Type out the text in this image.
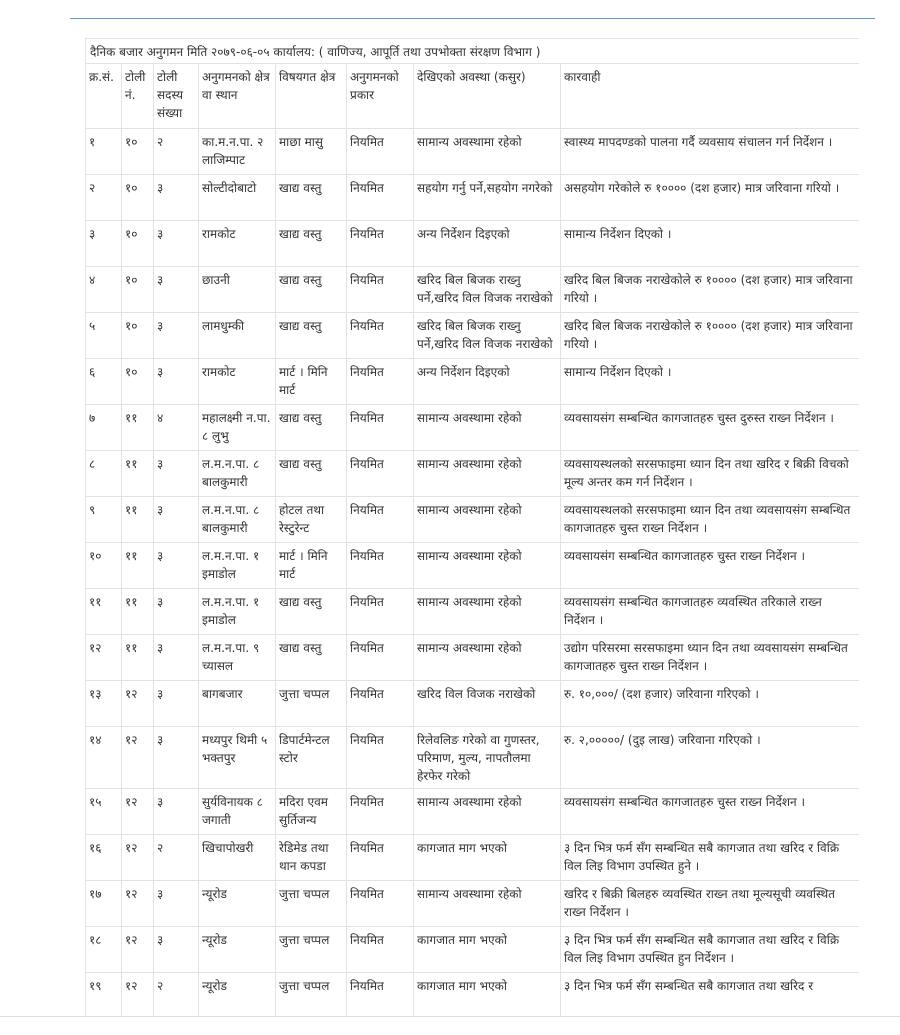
दैनिक बजार अनुगमन मिति २०७९-०६-०५ कार्यालय: ( वाणिज्य, आपूर्ति तथा उपभोक्ता संरक्षण विभाग )							
क्र.सं.	टोली नं.	टोली सदस्य संख्या	अनुगमनको क्षेत्र वा स्थान	विषयगत क्षेत्र	अनुगमनको प्रकार	देखिएको अवस्था (कसुर)	कारवाही
१	१०	२	का.म.न.पा. २ लाजिम्पाट	माछा मासु	नियमित	सामान्य अवस्थामा रहेको	स्वास्थ्य मापदण्डको पालना गर्दै व्यवसाय संचालन गर्न निर्देशन ।
२	१०	३	सोल्टीदोबाटो	खाद्य वस्तु	नियमित	सहयोग गर्नु पर्ने,सहयोग नगरेको	असहयोग गरेकोले रु १०००० (दश हजार) मात्र जरिवाना गरियो ।
३	१०	३	रामकोट	खाद्य वस्तु	नियमित	अन्य निर्देशन दिइएको	सामान्य निर्देशन दिएको ।
४	१०	३	छाउनी	खाद्य वस्तु	नियमित	खरिद बिल बिजक राख्नु पर्ने,खरिद विल विजक नराखेको	खरिद बिल बिजक नराखेकोले रु १०००० (दश हजार) मात्र जरिवाना गरियो ।
५	१०	३	लामधुम्की	खाद्य वस्तु	नियमित	खरिद बिल बिजक राख्नु पर्ने,खरिद विल विजक नराखेको	खरिद बिल बिजक नराखेकोले रु १०००० (दश हजार) मात्र जरिवाना गरियो ।
६	१०	३	रामकोट	मार्ट । मिनि मार्ट	नियमित	अन्य निर्देशन दिइएको	सामान्य निर्देशन दिएको ।
७	११	४	महालक्ष्मी न.पा. ८ लुभु	खाद्य वस्तु	नियमित	सामान्य अवस्थामा रहेको	व्यवसायसंग सम्बन्धित कागजातहरु चुस्त दुरुस्त राख्न निर्देशन ।
८	११	३	ल.म.न.पा. ८ बालकुमारी	खाद्य वस्तु	नियमित	सामान्य अवस्थामा रहेको	व्यवसायस्थलको सरसफाइमा ध्यान दिन तथा खरिद र बिक्री विचको मूल्य अन्तर कम गर्न निर्देशन ।
९	११	३	ल.म.न.पा. ८ बालकुमारी	होटल तथा रेस्टुरेन्ट	नियमित	सामान्य अवस्थामा रहेको	व्यवसायस्थलको सरसफाइमा ध्यान दिन तथा व्यवसायसंग सम्बन्धित कागजातहरु चुस्त राख्न निर्देशन ।
१०	११	३	ल.म.न.पा. १ इमाडोल	मार्ट । मिनि मार्ट	नियमित	सामान्य अवस्थामा रहेको	व्यवसायसंग सम्बन्धित कागजातहरु चुस्त राख्न निर्देशन ।
११	११	३	ल.म.न.पा. १ इमाडोल	खाद्य वस्तु	नियमित	सामान्य अवस्थामा रहेको	व्यवसायसंग सम्बन्धित कागजातहरु व्यवस्थित तरिकाले राख्न निर्देशन ।
१२	११	३	ल.म.न.पा. ९ च्यासल	खाद्य वस्तु	नियमित	सामान्य अवस्थामा रहेको	उद्योग परिसरमा सरसफाइमा ध्यान दिन तथा व्यवसायसंग सम्बन्धित कागजातहरु चुस्त राख्न निर्देशन ।
१३	१२	३	बागबजार	जुत्ता चप्पल	नियमित	खरिद विल विजक नराखेको	रु. १०,०००/ (दश हजार) जरिवाना गरिएको ।
१४	१२	३	मध्यपुर थिमी ५ भक्तपुर	डिपार्टमेन्टल स्टोर	नियमित	रिलेवलिङ गरेको वा गुणस्तर, परिमाण, मुल्य, नापतौलमा हेरफेर गरेको	रु. २,०००००/ (दुइ लाख) जरिवाना गरिएको ।
१५	१२	३	सुर्यविनायक ८ जगाती	मदिरा एवम सुर्तिजन्य	नियमित	सामान्य अवस्थामा रहेको	व्यवसायसंग सम्बन्धित कागजातहरु चुस्त राख्न निर्देशन ।
१६	१२	२	खिचापोखरी	रेडिमेड तथा थान कपडा	नियमित	कागजात माग भएको	३ दिन भित्र फर्म सँग सम्बन्धित सबै कागजात तथा खरिद र विक्रि विल लिइ विभाग उपस्थित हुने ।
१७	१२	३	न्यूरोड	जुत्ता चप्पल	नियमित	सामान्य अवस्थामा रहेको	खरिद र बिक्री बिलहरु व्यवस्थित राख्न तथा मूल्यसूची व्यवस्थित राख्न निर्देशन ।
१८	१२	३	न्यूरोड	जुत्ता चप्पल	नियमित	कागजात माग भएको	३ दिन भित्र फर्म सँग सम्बन्धित सबै कागजात तथा खरिद र विक्रि विल लिइ विभाग उपस्थित हुन निर्देशन ।
१९	१२	२	न्यूरोड	जुत्ता चप्पल	नियमित	कागजात माग भएको	३ दिन भित्र फर्म सँग सम्बन्धित सबै कागजात तथा खरिद र
